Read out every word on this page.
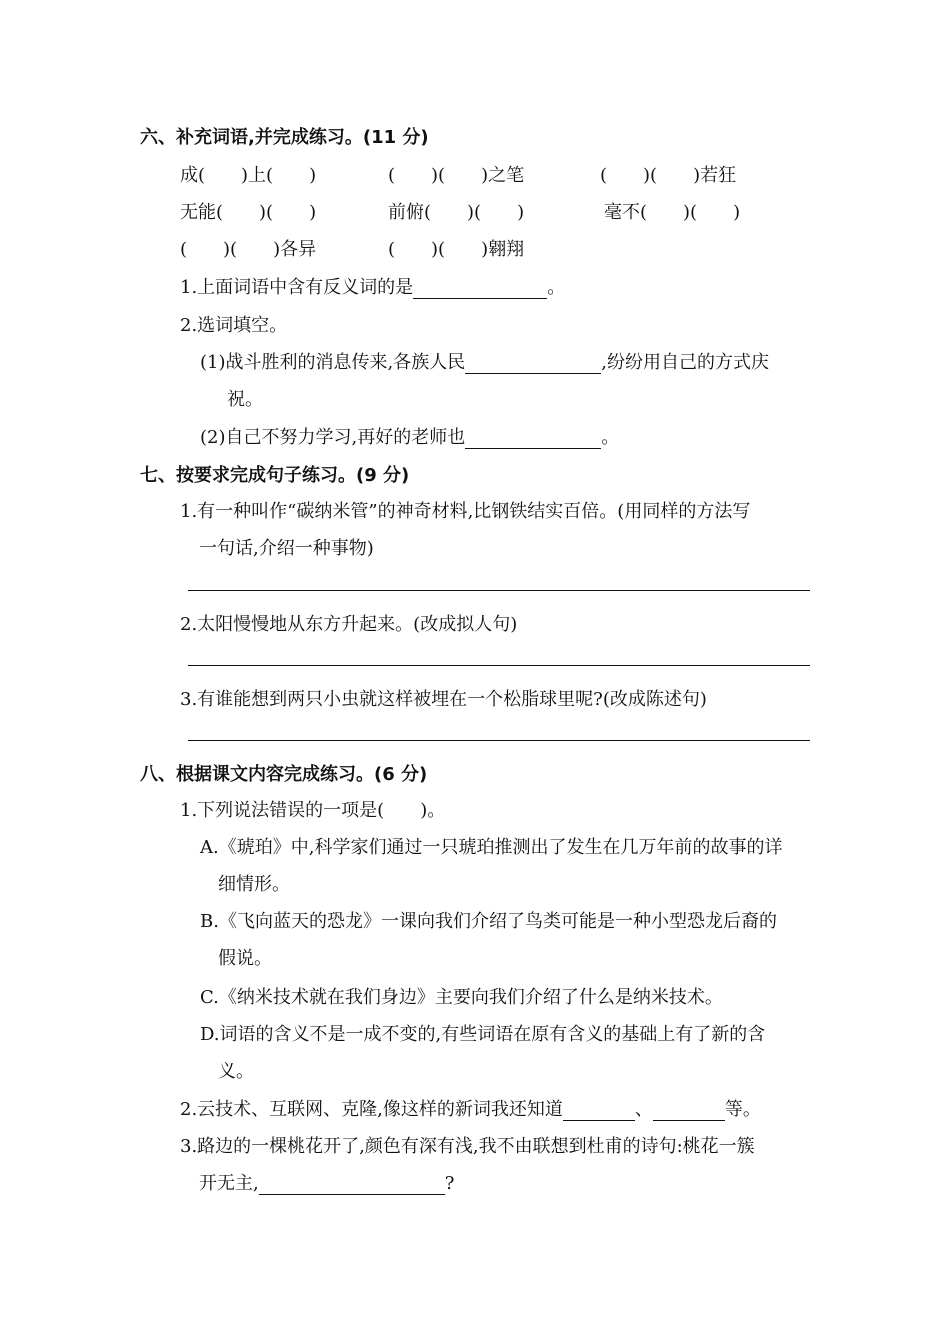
六、补充词语,并完成练习。(11 分)
成(　　)上(　　)	(　　)(　　)之笔	(　　)(　　)若狂
无能(　　)(　　)	前俯(　　)(　　)	毫不(　　)(　　)
(　　)(　　)各异	(　　)(　　)翱翔
1.上面词语中含有反义词的是	。
2.选词填空。
(1)战斗胜利的消息传来,各族人民	,纷纷用自己的方式庆
祝。
(2)自己不努力学习,再好的老师也	。
七、按要求完成句子练习。(9 分)
1.有一种叫作“碳纳米管”的神奇材料,比钢铁结实百倍。(用同样的方法写
一句话,介绍一种事物)
2.太阳慢慢地从东方升起来。(改成拟人句)
3.有谁能想到两只小虫就这样被埋在一个松脂球里呢?(改成陈述句)
八、根据课文内容完成练习。(6 分)
1.下列说法错误的一项是(　　)。
A.《琥珀》中,科学家们通过一只琥珀推测出了发生在几万年前的故事的详
细情形。
B.《飞向蓝天的恐龙》一课向我们介绍了鸟类可能是一种小型恐龙后裔的
假说。
C.《纳米技术就在我们身边》主要向我们介绍了什么是纳米技术。
D.词语的含义不是一成不变的,有些词语在原有含义的基础上有了新的含
义。
2.云技术、互联网、克隆,像这样的新词我还知道	、	等。
3.路边的一棵桃花开了,颜色有深有浅,我不由联想到杜甫的诗句:桃花一簇
开无主,	?
